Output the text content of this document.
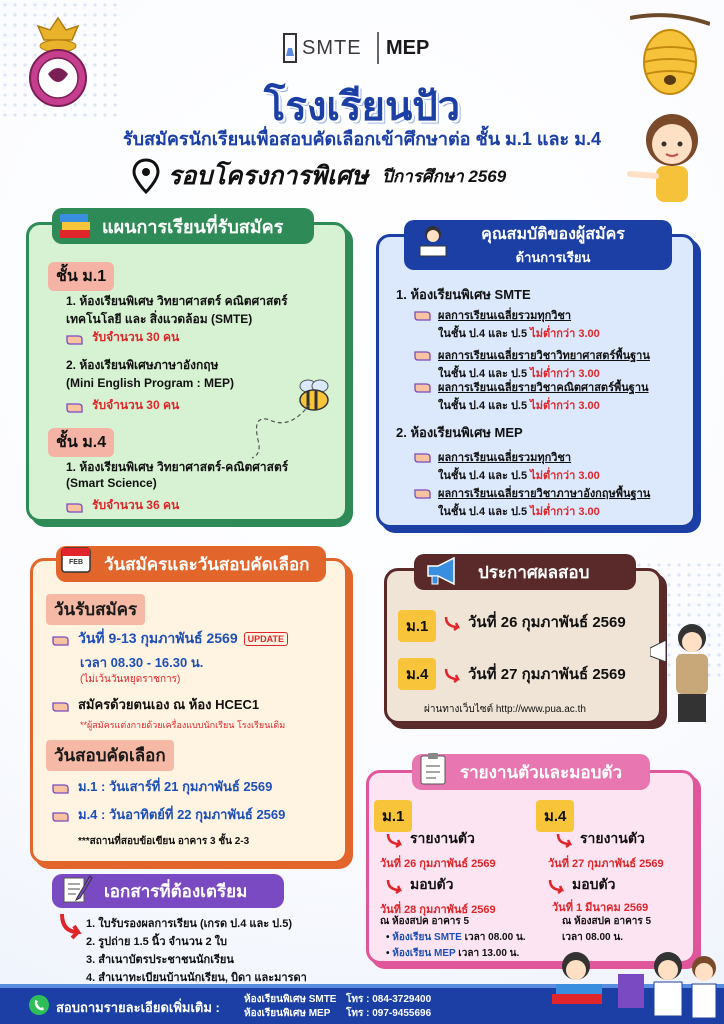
SMTE MEP
โรงเรียนปัว
รับสมัครนักเรียนเพื่อสอบคัดเลือกเข้าศึกษาต่อ ชั้น ม.1 และ ม.4
รอบโครงการพิเศษ ปีการศึกษา 2569
แผนการเรียนที่รับสมัคร
ชั้น ม.1
1. ห้องเรียนพิเศษ วิทยาศาสตร์ คณิตศาสตร์
เทคโนโลยี และ สิ่งแวดล้อม (SMTE)
รับจำนวน 30 คน
2. ห้องเรียนพิเศษภาษาอังกฤษ
(Mini English Program : MEP)
รับจำนวน 30 คน
ชั้น ม.4
1. ห้องเรียนพิเศษ วิทยาศาสตร์-คณิตศาสตร์
(Smart Science)
รับจำนวน 36 คน
คุณสมบัติของผู้สมัคร
ด้านการเรียน
1. ห้องเรียนพิเศษ SMTE
ผลการเรียนเฉลี่ยรวมทุกวิชา
ในชั้น ป.4 และ ป.5 ไม่ต่ำกว่า 3.00
ผลการเรียนเฉลี่ยรายวิชาวิทยาศาสตร์พื้นฐาน
ในชั้น ป.4 และ ป.5 ไม่ต่ำกว่า 3.00
ผลการเรียนเฉลี่ยรายวิชาคณิตศาสตร์พื้นฐาน
ในชั้น ป.4 และ ป.5 ไม่ต่ำกว่า 3.00
2. ห้องเรียนพิเศษ MEP
ผลการเรียนเฉลี่ยรวมทุกวิชา
ในชั้น ป.4 และ ป.5 ไม่ต่ำกว่า 3.00
ผลการเรียนเฉลี่ยรายวิชาภาษาอังกฤษพื้นฐาน
ในชั้น ป.4 และ ป.5 ไม่ต่ำกว่า 3.00
วันสมัครและวันสอบคัดเลือก
FEB
วันรับสมัคร
วันที่ 9-13 กุมภาพันธ์ 2569	UPDATE
เวลา 08.30 - 16.30 น.
(ไม่เว้นวันหยุดราชการ)
สมัครด้วยตนเอง ณ ห้อง HCEC1
**ผู้สมัครแต่งกายด้วยเครื่องแบบนักเรียน โรงเรียนเดิม
วันสอบคัดเลือก
ม.1 : วันเสาร์ที่ 21 กุมภาพันธ์ 2569
ม.4 : วันอาทิตย์ที่ 22 กุมภาพันธ์ 2569
***สถานที่สอบข้อเขียน อาคาร 3 ชั้น 2-3
ประกาศผลสอบ
ม.1	วันที่ 26 กุมภาพันธ์ 2569
ม.4	วันที่ 27 กุมภาพันธ์ 2569
ผ่านทางเว็บไซต์ http://www.pua.ac.th
รายงานตัวและมอบตัว
ม.1
รายงานตัว
วันที่ 26 กุมภาพันธ์ 2569
มอบตัว
วันที่ 28 กุมภาพันธ์ 2569
ณ ห้องสปค อาคาร 5
• ห้องเรียน SMTE เวลา 08.00 น.
• ห้องเรียน MEP เวลา 13.00 น.
ม.4
รายงานตัว
วันที่ 27 กุมภาพันธ์ 2569
มอบตัว
วันที่ 1 มีนาคม 2569
ณ ห้องสปค อาคาร 5
เวลา 08.00 น.
เอกสารที่ต้องเตรียม
1. ใบรับรองผลการเรียน (เกรด ป.4 และ ป.5)
2. รูปถ่าย 1.5 นิ้ว จำนวน 2 ใบ
3. สำเนาบัตรประชาชนนักเรียน
4. สำเนาทะเบียนบ้านนักเรียน, บิดา และมารดา
สอบถามรายละเอียดเพิ่มเติม :
ห้องเรียนพิเศษ SMTE โทร : 084-3729400
ห้องเรียนพิเศษ MEP โทร : 097-9455696
